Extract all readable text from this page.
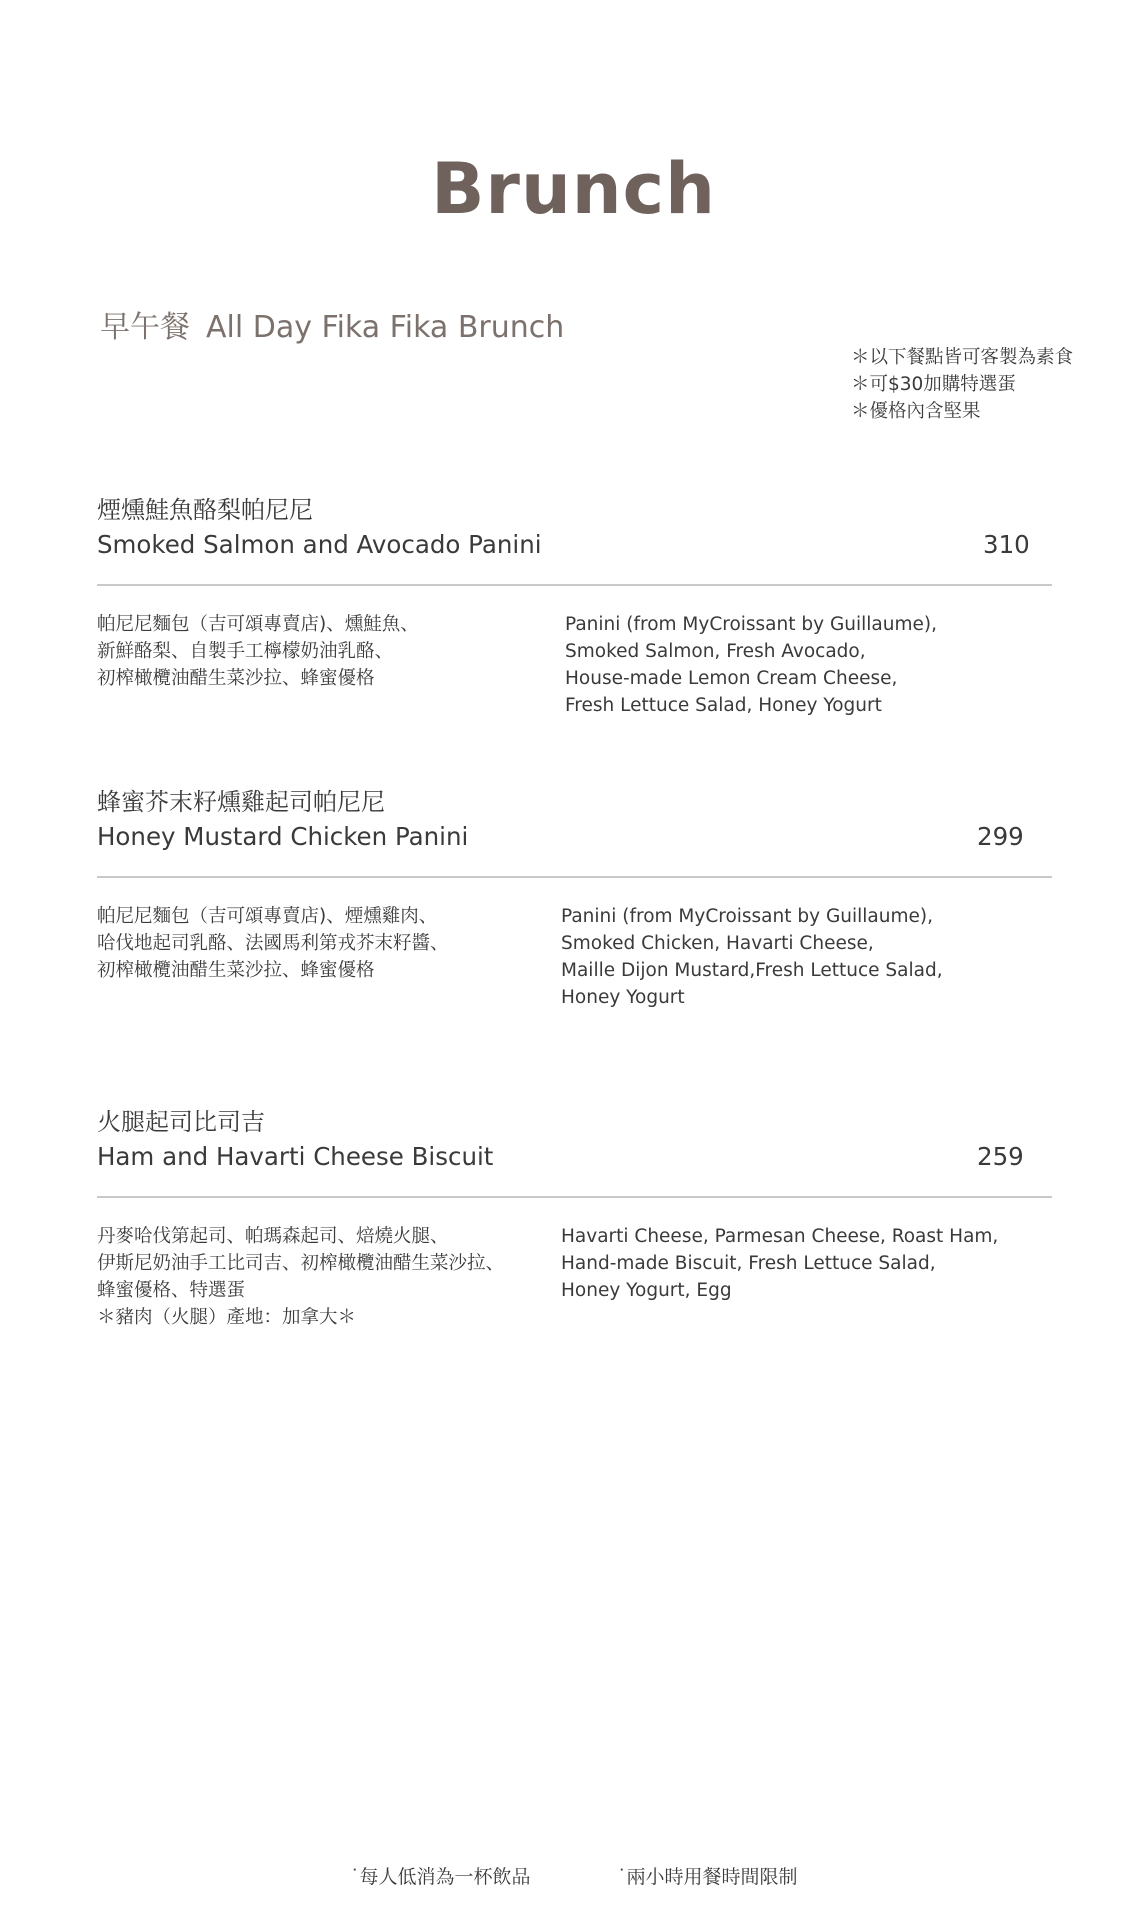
Brunch
早午餐 All Day Fika Fika Brunch
＊以下餐點皆可客製為素食
＊可$30加購特選蛋
＊優格內含堅果
煙燻鮭魚酪梨帕尼尼
Smoked Salmon and Avocado Panini	310
帕尼尼麵包（吉可頌專賣店)、燻鮭魚、
新鮮酪梨、自製手工檸檬奶油乳酪、
初榨橄欖油醋生菜沙拉、蜂蜜優格
Panini (from MyCroissant by Guillaume),
Smoked Salmon, Fresh Avocado,
House-made Lemon Cream Cheese,
Fresh Lettuce Salad, Honey Yogurt
蜂蜜芥末籽燻雞起司帕尼尼
Honey Mustard Chicken Panini	299
帕尼尼麵包（吉可頌專賣店)、煙燻雞肉、
哈伐地起司乳酪、法國馬利第戎芥末籽醬、
初榨橄欖油醋生菜沙拉、蜂蜜優格
Panini (from MyCroissant by Guillaume),
Smoked Chicken, Havarti Cheese,
Maille Dijon Mustard,Fresh Lettuce Salad,
Honey Yogurt
火腿起司比司吉
Ham and Havarti Cheese Biscuit	259
丹麥哈伐第起司、帕瑪森起司、焙燒火腿、
伊斯尼奶油手工比司吉、初榨橄欖油醋生菜沙拉、
蜂蜜優格、特選蛋
＊豬肉（火腿）產地：加拿大＊
Havarti Cheese, Parmesan Cheese, Roast Ham,
Hand-made Biscuit, Fresh Lettuce Salad,
Honey Yogurt, Egg
˙每人低消為一杯飲品	˙兩小時用餐時間限制
